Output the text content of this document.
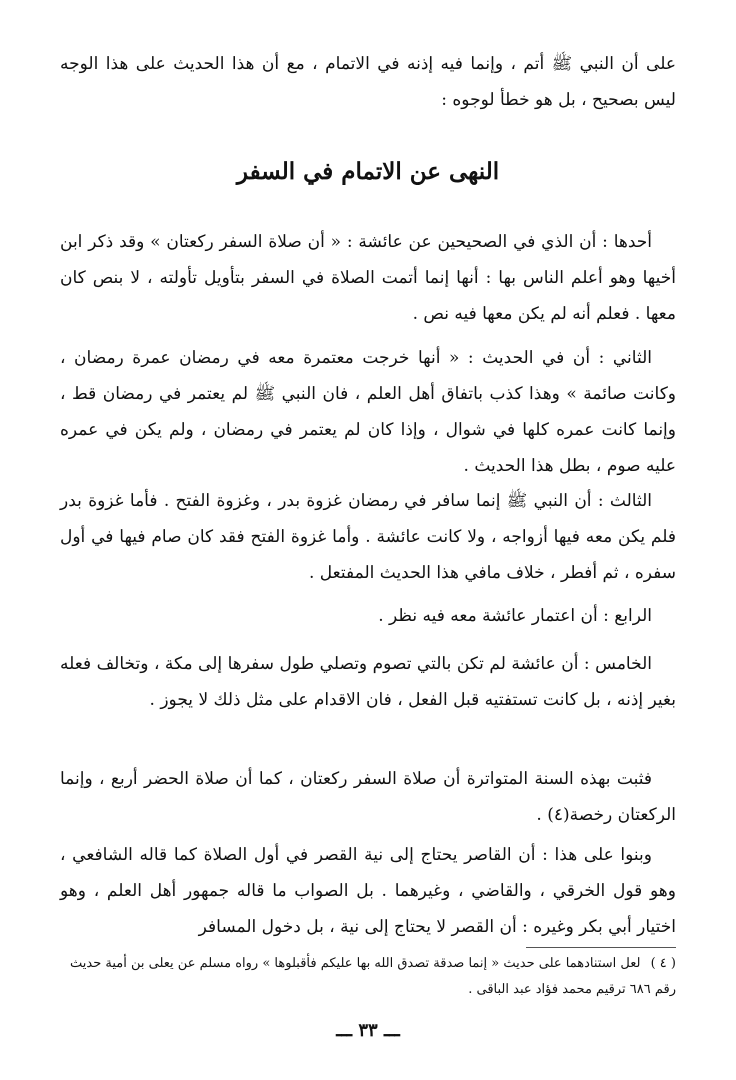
على أن النبي ﷺ أتم ، وإنما فيه إذنه في الاتمام ، مع أن هذا الحديث على هذا الوجه ليس بصحيح ، بل هو خطأ لوجوه :
النهى عن الاتمام في السفر
أحدها : أن الذي في الصحيحين عن عائشة : « أن صلاة السفر ركعتان » وقد ذكر ابن أخيها وهو أعلم الناس بها : أنها إنما أتمت الصلاة في السفر بتأويل تأولته ، لا بنص كان معها . فعلم أنه لم يكن معها فيه نص .
الثاني : أن في الحديث : « أنها خرجت معتمرة معه في رمضان عمرة رمضان ، وكانت صائمة » وهذا كذب باتفاق أهل العلم ، فان النبي ﷺ لم يعتمر في رمضان قط ، وإنما كانت عمره كلها في شوال ، وإذا كان لم يعتمر في رمضان ، ولم يكن في عمره عليه صوم ، بطل هذا الحديث .
الثالث : أن النبي ﷺ إنما سافر في رمضان غزوة بدر ، وغزوة الفتح . فأما غزوة بدر فلم يكن معه فيها أزواجه ، ولا كانت عائشة . وأما غزوة الفتح فقد كان صام فيها في أول سفره ، ثم أفطر ، خلاف مافي هذا الحديث المفتعل .
الرابع : أن اعتمار عائشة معه فيه نظر .
الخامس : أن عائشة لم تكن بالتي تصوم وتصلي طول سفرها إلى مكة ، وتخالف فعله بغير إذنه ، بل كانت تستفتيه قبل الفعل ، فان الاقدام على مثل ذلك لا يجوز .
فثبت بهذه السنة المتواترة أن صلاة السفر ركعتان ، كما أن صلاة الحضر أربع ، وإنما الركعتان رخصة(٤) .
وبنوا على هذا : أن القاصر يحتاج إلى نية القصر في أول الصلاة كما قاله الشافعي ، وهو قول الخرقي ، والقاضي ، وغيرهما . بل الصواب ما قاله جمهور أهل العلم ، وهو اختيار أبي بكر وغيره : أن القصر لا يحتاج إلى نية ، بل دخول المسافر
( ٤ ) لعل استنادهما على حديث « إنما صدقة تصدق الله بها عليكم فأقبلوها » رواه مسلم عن يعلى بن أمية حديث رقم ٦٨٦ ترقيم محمد فؤاد عبد الباقى .
ـــ ٣٣ ـــ
